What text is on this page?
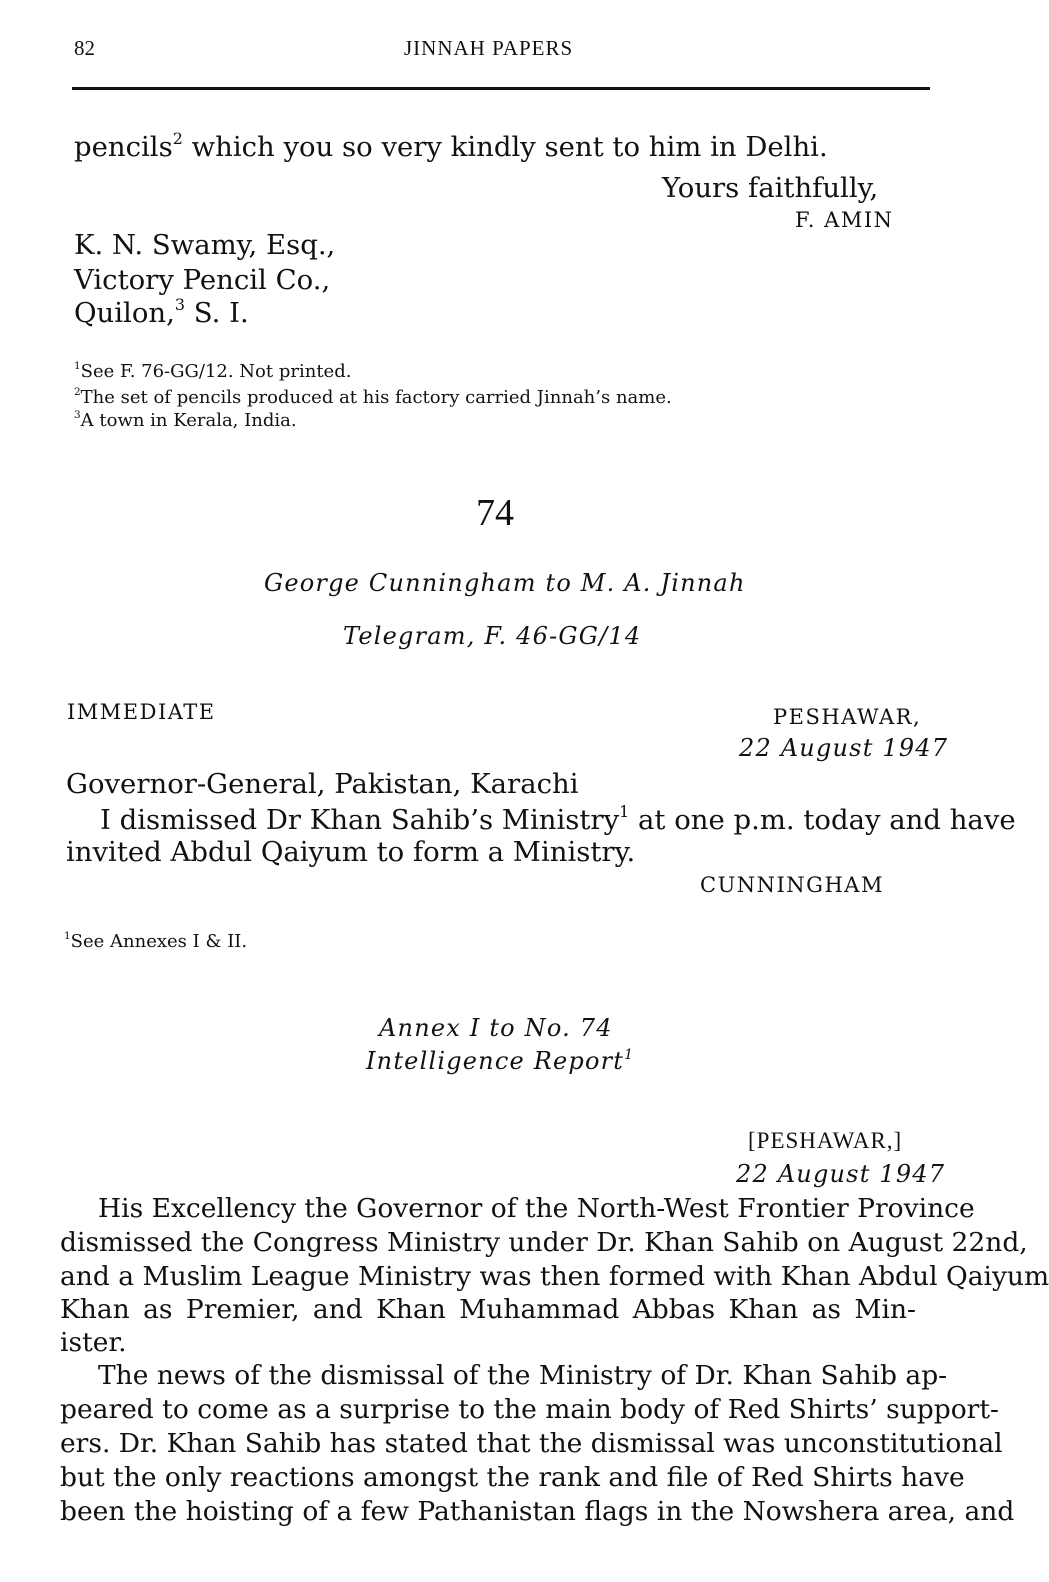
82	JINNAH PAPERS
pencils$^2$ which you so very kindly sent to him in Delhi.
Yours faithfully,
F. AMIN
K. N. Swamy, Esq.,
Victory Pencil Co.,
Quilon,$^3$ S. I.
$^1$See F. 76-GG/12. Not printed.
$^2$The set of pencils produced at his factory carried Jinnah’s name.
$^3$A town in Kerala, India.
74
George Cunningham to M. A. Jinnah
Telegram, F. 46-GG/14
IMMEDIATE	PESHAWAR,
22 August 1947
Governor-General, Pakistan, Karachi
I dismissed Dr Khan Sahib’s Ministry$^1$ at one p.m. today and have
invited Abdul Qaiyum to form a Ministry.
CUNNINGHAM
$^1$See Annexes I & II.
Annex I to No. 74
Intelligence Report$^1$
[PESHAWAR,]
22 August 1947
His Excellency the Governor of the North-West Frontier Province
dismissed the Congress Ministry under Dr. Khan Sahib on August 22nd,
and a Muslim League Ministry was then formed with Khan Abdul Qaiyum
Khan as Premier, and Khan Muhammad Abbas Khan as Min-
ister.
The news of the dismissal of the Ministry of Dr. Khan Sahib ap-
peared to come as a surprise to the main body of Red Shirts’ support-
ers. Dr. Khan Sahib has stated that the dismissal was unconstitutional
but the only reactions amongst the rank and file of Red Shirts have
been the hoisting of a few Pathanistan flags in the Nowshera area, and
